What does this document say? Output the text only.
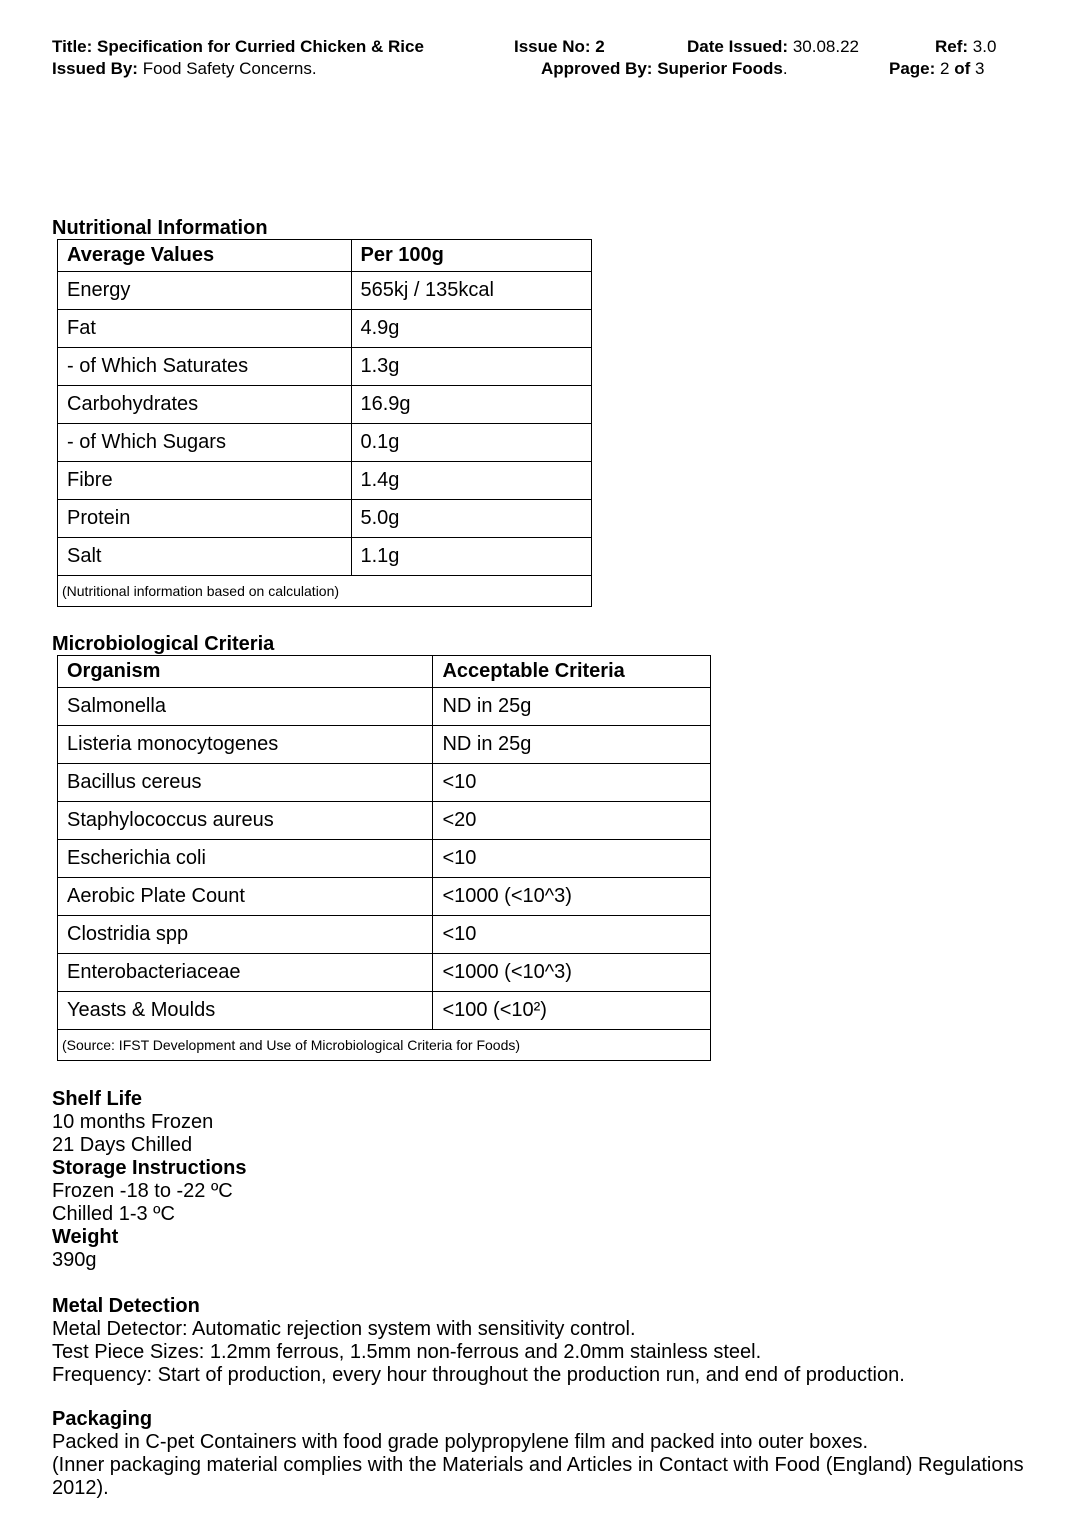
Title: Specification for Curried Chicken & Rice	Issue No: 2	Date Issued: 30.08.22	Ref: 3.0
Issued By: Food Safety Concerns.	Approved By: Superior Foods.	Page: 2 of 3
Nutritional Information
Average Values	Per 100g
Energy	565kj / 135kcal
Fat	4.9g
- of Which Saturates	1.3g
Carbohydrates	16.9g
- of Which Sugars	0.1g
Fibre	1.4g
Protein	5.0g
Salt	1.1g
(Nutritional information based on calculation)	
Microbiological Criteria
Organism	Acceptable Criteria
Salmonella	ND in 25g
Listeria monocytogenes	ND in 25g
Bacillus cereus	<10
Staphylococcus aureus	<20
Escherichia coli	<10
Aerobic Plate Count	<1000 (<10^3)
Clostridia spp	<10
Enterobacteriaceae	<1000 (<10^3)
Yeasts & Moulds	<100 (<10²)
(Source: IFST Development and Use of Microbiological Criteria for Foods)	
Shelf Life
10 months Frozen
21 Days Chilled
Storage Instructions
Frozen -18 to -22 ºC
Chilled 1-3 ºC
Weight
390g
Metal Detection
Metal Detector: Automatic rejection system with sensitivity control.
Test Piece Sizes: 1.2mm ferrous, 1.5mm non-ferrous and 2.0mm stainless steel.
Frequency: Start of production, every hour throughout the production run, and end of production.
Packaging
Packed in C-pet Containers with food grade polypropylene film and packed into outer boxes.
(Inner packaging material complies with the Materials and Articles in Contact with Food (England) Regulations
2012).
